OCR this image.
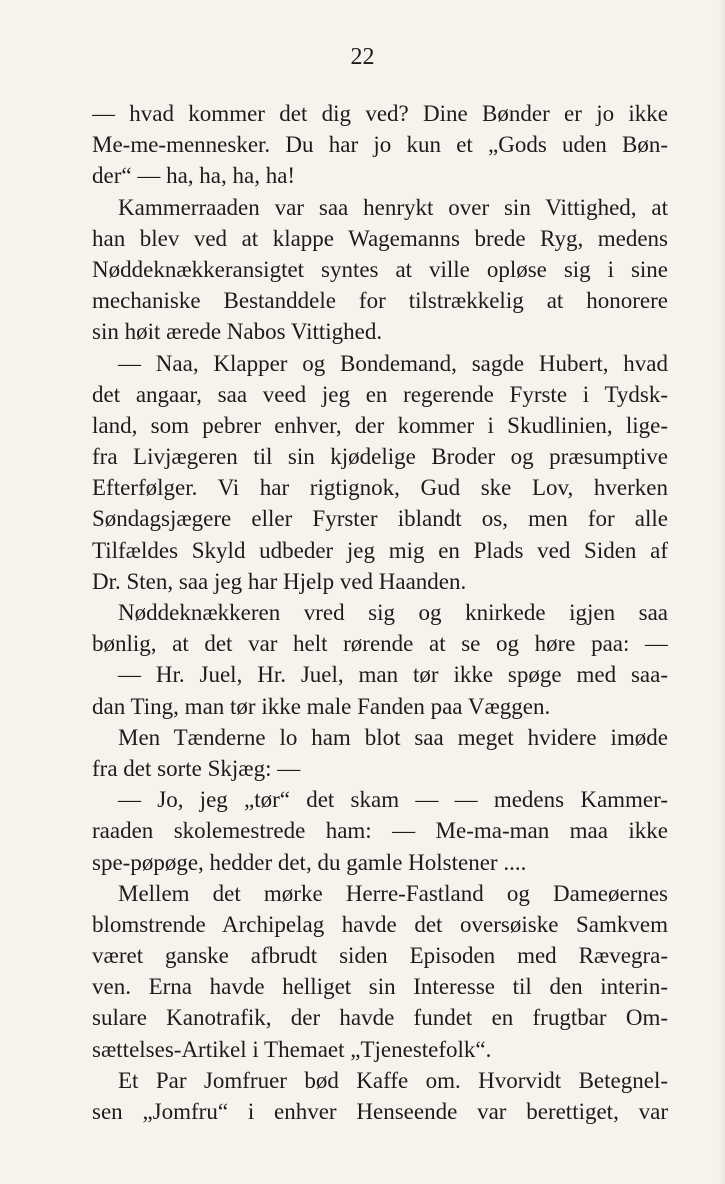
22
— hvad kommer det dig ved? Dine Bønder er jo ikke
Me-me-mennesker. Du har jo kun et „Gods uden Bøn-
der“ — ha, ha, ha, ha!
Kammerraaden var saa henrykt over sin Vittighed, at
han blev ved at klappe Wagemanns brede Ryg, medens
Nøddeknækkeransigtet syntes at ville opløse sig i sine
mechaniske Bestanddele for tilstrækkelig at honorere
sin høit ærede Nabos Vittighed.
— Naa, Klapper og Bondemand, sagde Hubert, hvad
det angaar, saa veed jeg en regerende Fyrste i Tydsk-
land, som pebrer enhver, der kommer i Skudlinien, lige-
fra Livjægeren til sin kjødelige Broder og præsumptive
Efterfølger. Vi har rigtignok, Gud ske Lov, hverken
Søndagsjægere eller Fyrster iblandt os, men for alle
Tilfældes Skyld udbeder jeg mig en Plads ved Siden af
Dr. Sten, saa jeg har Hjelp ved Haanden.
Nøddeknækkeren vred sig og knirkede igjen saa
bønlig, at det var helt rørende at se og høre paa: —
— Hr. Juel, Hr. Juel, man tør ikke spøge med saa-
dan Ting, man tør ikke male Fanden paa Væggen.
Men Tænderne lo ham blot saa meget hvidere imøde
fra det sorte Skjæg: —
— Jo, jeg „tør“ det skam — — medens Kammer-
raaden skolemestrede ham: — Me-ma-man maa ikke
spe-pøpøge, hedder det, du gamle Holstener ....
Mellem det mørke Herre-Fastland og Dameøernes
blomstrende Archipelag havde det oversøiske Samkvem
været ganske afbrudt siden Episoden med Rævegra-
ven. Erna havde helliget sin Interesse til den interin-
sulare Kanotrafik, der havde fundet en frugtbar Om-
sættelses-Artikel i Themaet „Tjenestefolk“.
Et Par Jomfruer bød Kaffe om. Hvorvidt Betegnel-
sen „Jomfru“ i enhver Henseende var berettiget, var
